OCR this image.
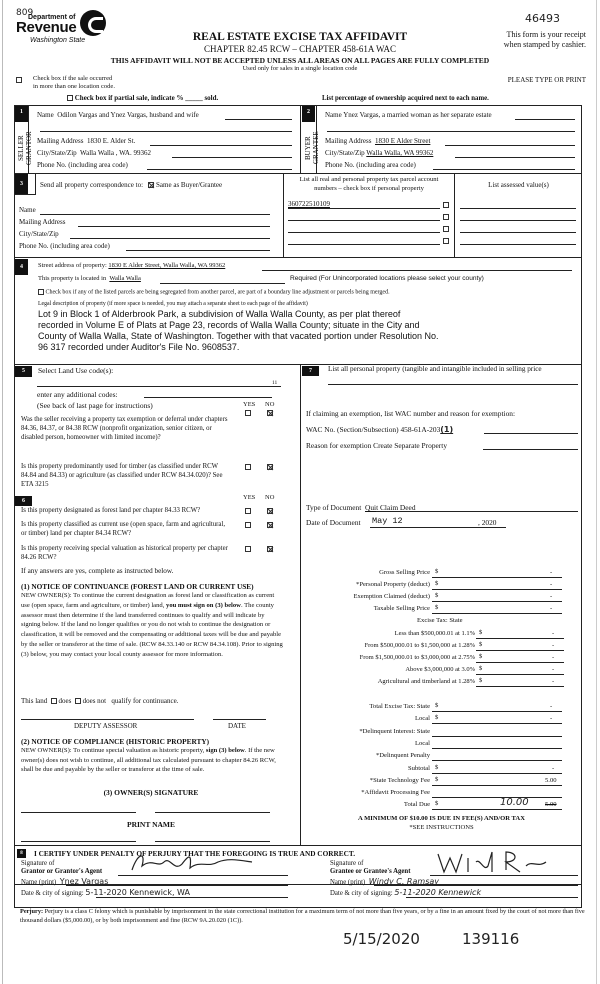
809
Department of
Revenue
Washington State
46493
This form is your receipt
when stamped by cashier.
REAL ESTATE EXCISE TAX AFFIDAVIT
CHAPTER 82.45 RCW – CHAPTER 458-61A WAC
THIS AFFIDAVIT WILL NOT BE ACCEPTED UNLESS ALL AREAS ON ALL PAGES ARE FULLY COMPLETED
Used only for sales in a single location code
Check box if the sale occurred
in more than one location code.
PLEASE TYPE OR PRINT
Check box if partial sale, indicate % _____ sold.	List percentage of ownership acquired next to each name.
1
SELLER GRANTOR
Name Odilon Vargas and Ynez Vargas, husband and wife
Mailing Address 1830 E. Alder St.
City/State/Zip Walla Walla , WA. 99362
Phone No. (including area code)
2
BUYER GRANTEE
Name Ynez Vargas, a married woman as her separate estate
Mailing Address 1830 E Alder Street
City/State/Zip Walla Walla, WA 99362
Phone No. (including area code)
3	Send all property correspondence to: Same as Buyer/Grantee
Name
Mailing Address
City/State/Zip
Phone No. (including area code)
List all real and personal property tax parcel account
numbers – check box if personal property	List assessed value(s)
360722510109
4	Street address of property: 1830 E Alder Street, Walla Walla, WA 99362
This property is located in Walla Walla	Required (For Unincorporated locations please select your county)
Check box if any of the listed parcels are being segregated from another parcel, are part of a boundary line adjustment or parcels being merged.
Legal description of property (if more space is needed, you may attach a separate sheet to each page of the affidavit)
Lot 9 in Block 1 of Alderbrook Park, a subdivision of Walla Walla County, as per plat thereof
recorded in Volume E of Plats at Page 23, records of Walla Walla County; situate in the City and
County of Walla Walla, State of Washington. Together with that vacated portion under Resolution No.
96 317 recorded under Auditor's File No. 9608537.
5	Select Land Use code(s):
11
enter any additional codes:
(See back of last page for instructions)	YES NO
Was the seller receiving a property tax exemption or deferral under chapters 84.36, 84.37, or 84.38 RCW (nonprofit organization, senior citizen, or disabled person, homeowner with limited income)?
Is this property predominantly used for timber (as classified under RCW 84.84 and 84.33) or agriculture (as classified under RCW 84.34.020)? See ETA 3215
6	YES NO
Is this property designated as forest land per chapter 84.33 RCW?
Is this property classified as current use (open space, farm and agricultural, or timber) land per chapter 84.34 RCW?
Is this property receiving special valuation as historical property per chapter 84.26 RCW?
If any answers are yes, complete as instructed below.
(1) NOTICE OF CONTINUANCE (FOREST LAND OR CURRENT USE)
NEW OWNER(S): To continue the current designation as forest land or classification as current use (open space, farm and agriculture, or timber) land, you must sign on (3) below. The county assessor must then determine if the land transferred continues to qualify and will indicate by signing below. If the land no longer qualifies or you do not wish to continue the designation or classification, it will be removed and the compensating or additional taxes will be due and payable by the seller or transferor at the time of sale. (RCW 84.33.140 or RCW 84.34.108). Prior to signing (3) below, you may contact your local county assessor for more information.
This land does does not qualify for continuance.
DEPUTY ASSESSOR	DATE
(2) NOTICE OF COMPLIANCE (HISTORIC PROPERTY)
NEW OWNER(S): To continue special valuation as historic property, sign (3) below. If the new owner(s) does not wish to continue, all additional tax calculated pursuant to chapter 84.26 RCW, shall be due and payable by the seller or transferor at the time of sale.
(3) OWNER(S) SIGNATURE
PRINT NAME
7	List all personal property (tangible and intangible included in selling price
If claiming an exemption, list WAC number and reason for exemption:
WAC No. (Section/Subsection) 458-61A-203(1)
Reason for exemption Create Separate Property
Type of Document Quit Claim Deed
Date of Document May 12	, 2020
Gross Selling Price $	-
*Personal Property (deduct) $	-
Exemption Claimed (deduct) $	-
Taxable Selling Price $	-
Excise Tax: State
Less than $500,000.01 at 1.1% $	-
From $500,000.01 to $1,500,000 at 1.28% $	-
From $1,500,000.01 to $3,000,000 at 2.75% $	-
Above $3,000,000 at 3.0% $	-
Agricultural and timberland at 1.28% $	-
Total Excise Tax: State $	-
Local $	-
*Delinquent Interest: State
Local
*Delinquent Penalty
Subtotal $	-
*State Technology Fee $	5.00
*Affidavit Processing Fee
Total Due $	10.00 5.00
A MINIMUM OF $10.00 IS DUE IN FEE(S) AND/OR TAX
*SEE INSTRUCTIONS
8	I CERTIFY UNDER PENALTY OF PERJURY THAT THE FOREGOING IS TRUE AND CORRECT.
Signature of
Grantor or Grantor's Agent
Name (print) Ynez Vargas
Signature of
Grantee or Grantee's Agent
Name (print) Windy C. Ramsay
Date & city of signing: 5-11-2020 Kennewick, WA	Date & city of signing: 5-11-2020 Kennewick
Perjury: Perjury is a class C felony which is punishable by imprisonment in the state correctional institution for a maximum term of not more than five years, or by a fine in an amount fixed by the court of not more than five thousand dollars ($5,000.00), or by both imprisonment and fine (RCW 9A.20.020 (1C)).
5/15/2020	139116
